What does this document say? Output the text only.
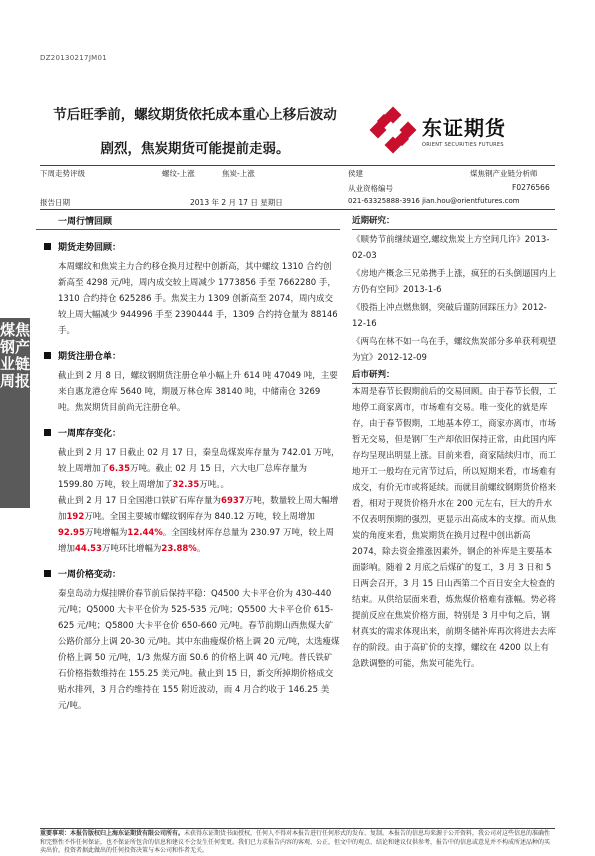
DZ20130217JM01
节后旺季前，螺纹期货依托成本重心上移后波动
剧烈，焦炭期货可能提前走弱。
东证期货
ORIENT SECURITIES FUTURES
下周走势评级	螺纹-上涨	焦炭-上涨
报告日期	2013 年 2 月 17 日 星期日
侯建	煤焦钢产业链分析师
从业资格编号	F0276566
021-63325888-3916 jian.hou@orientfutures.com
煤焦钢产业链周报
一周行情回顾
期货走势回顾：
本周螺纹和焦炭主力合约移仓换月过程中创新高，其中螺纹 1310 合约创新高至 4298 元/吨，周内成交较上周减少 1773856 手至 7662280 手，1310 合约持仓 625286 手。焦炭主力 1309 创新高至 2074，周内成交较上周大幅减少 944996 手至 2390444 手，1309 合约持仓量为 88146手。
期货注册仓单：
截止到 2 月 8 日，螺纹钢期货注册仓单小幅上升 614 吨 47049 吨，主要来自惠龙港仓库 5640 吨，期晟万林仓库 38140 吨，中储南仓 3269 吨。焦炭期货目前尚无注册仓单。
一周库存变化：
截止到 2 月 17 日截止 02 月 17 日，秦皇岛煤炭库存量为 742.01 万吨，较上周增加了6.35万吨。截止 02 月 15 日，六大电厂总库存量为 1599.80 万吨，较上周增加了32.35万吨。。
截止到 2 月 17 日全国港口铁矿石库存量为6937万吨，数量较上周大幅增加192万吨。全国主要城市螺纹钢库存为 840.12 万吨，较上周增加92.95万吨增幅为12.44%。全国线材库存总量为 230.97 万吨，较上周增加44.53万吨环比增幅为23.88%。
一周价格变动：
秦皇岛动力煤挂牌价春节前后保持平稳：Q4500 大卡平仓价为 430-440 元/吨；Q5000 大卡平仓价为 525-535 元/吨；Q5500 大卡平仓价 615-625 元/吨；Q5800 大卡平仓价 650-660 元/吨。春节前期山西焦煤大矿公路价部分上调 20-30 元/吨。其中东曲瘦煤价格上调 20 元/吨，太选瘦煤价格上调 50 元/吨，1/3 焦煤方面 S0.6 的价格上调 40 元/吨。普氏铁矿石价格指数维持在 155.25 美元/吨。截止到 15 日，新交所掉期价格成交贴水排列，3 月合约维持在 155 附近波动，而 4 月合约收于 146.25 美元/吨。
近期研究：
《顺势节前继续逼空,螺纹焦炭上方空间几许》2013-02-03
《房地产概念三兄弟携手上涨，疯狂的石头倒逼国内上方仍有空间》2013-1-6
《股指上冲点燃焦钢，突破后谨防回踩压力》2012-12-16
《两鸟在林不如一鸟在手，螺纹焦炭部分多单获利观望为宜》2012-12-09
后市研判：
本周是春节长假期前后的交易回顾。由于春节长假，工地停工商家离市，市场难有交易。唯一变化的就是库存，由于春节假期，工地基本停工，商家亦离市，市场暂无交易，但是钢厂生产却依旧保持正常，由此国内库存均呈现出明显上涨。目前来看，商家陆续归市，而工地开工一般均在元宵节过后，所以短期来看，市场难有成交，有价无市或将延续。而就目前螺纹钢期货价格来看，相对于现货价格升水在 200 元左右，巨大的升水不仅表明预期的强烈，更显示出高成本的支撑。而从焦炭的角度来看，焦炭期货在换月过程中创出新高 2074，除去资金推涨因素外，钢企的补库是主要基本面影响。随着 2 月底之后煤矿的复工，3 月 3 日和 5 日两会召开，3 月 15 日山西第二个百日安全大检查的结束。从供给层面来看，炼焦煤价格难有涨幅。势必将提前反应在焦炭价格方面，特别是 3 月中旬之后，钢材真实的需求体现出来，前期冬储补库再次将进去去库存的阶段。由于高矿价的支撑，螺纹在 4200 以上有急跌调整的可能，焦炭可能先行。
重要事项：本报告版权归上海东证期货有限公司所有。未获得东证期货书面授权，任何人不得对本报告进行任何形式的发布、复制。本报告的信息均来源于公开资料，我公司对这些信息的准确性和完整性不作任何保证，也不保证所包含的信息和建议不会发生任何变更。我们已力求报告内容的客观、公正，但文中的观点、结论和建议仅供参考，报告中的信息或意见并不构成所述品种的买卖出价，投资者据此做出的任何投资决策与本公司和作者无关。
